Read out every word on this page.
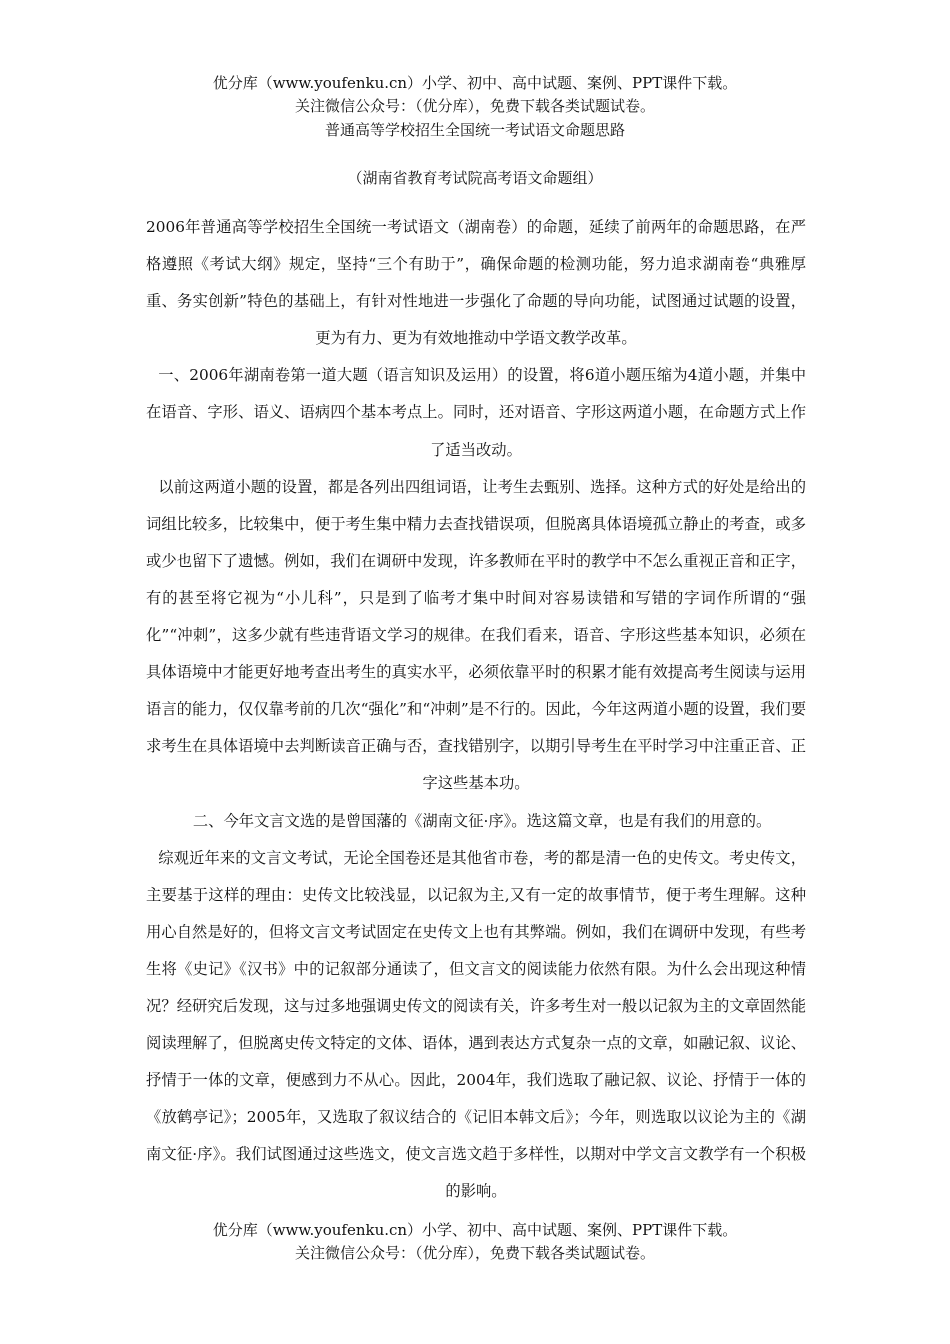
优分库（www.youfenku.cn）小学、初中、高中试题、案例、PPT课件下载。
关注微信公众号：（优分库），免费下载各类试题试卷。
普通高等学校招生全国统一考试语文命题思路
（湖南省教育考试院高考语文命题组）

2006年普通高等学校招生全国统一考试语文（湖南卷）的命题，延续了前两年的命题思路，在严格遵照《考试大纲》规定，坚持“三个有助于”，确保命题的检测功能，努力追求湖南卷“典雅厚重、务实创新”特色的基础上，有针对性地进一步强化了命题的导向功能，试图通过试题的设置，更为有力、更为有效地推动中学语文教学改革。

一、2006年湖南卷第一道大题（语言知识及运用）的设置，将6道小题压缩为4道小题，并集中在语音、字形、语义、语病四个基本考点上。同时，还对语音、字形这两道小题，在命题方式上作了适当改动。

以前这两道小题的设置，都是各列出四组词语，让考生去甄别、选择。这种方式的好处是给出的词组比较多，比较集中，便于考生集中精力去查找错误项，但脱离具体语境孤立静止的考查，或多或少也留下了遗憾。例如，我们在调研中发现，许多教师在平时的教学中不怎么重视正音和正字，有的甚至将它视为“小儿科”，只是到了临考才集中时间对容易读错和写错的字词作所谓的“强化”“冲刺”，这多少就有些违背语文学习的规律。在我们看来，语音、字形这些基本知识，必须在具体语境中才能更好地考查出考生的真实水平，必须依靠平时的积累才能有效提高考生阅读与运用语言的能力，仅仅靠考前的几次“强化”和“冲刺”是不行的。因此，今年这两道小题的设置，我们要求考生在具体语境中去判断读音正确与否，查找错别字，以期引导考生在平时学习中注重正音、正字这些基本功。

二、今年文言文选的是曾国藩的《湖南文征·序》。选这篇文章，也是有我们的用意的。

综观近年来的文言文考试，无论全国卷还是其他省市卷，考的都是清一色的史传文。考史传文，主要基于这样的理由：史传文比较浅显，以记叙为主,又有一定的故事情节，便于考生理解。这种用心自然是好的，但将文言文考试固定在史传文上也有其弊端。例如，我们在调研中发现，有些考生将《史记》《汉书》中的记叙部分通读了，但文言文的阅读能力依然有限。为什么会出现这种情况？经研究后发现，这与过多地强调史传文的阅读有关，许多考生对一般以记叙为主的文章固然能阅读理解了，但脱离史传文特定的文体、语体，遇到表达方式复杂一点的文章，如融记叙、议论、抒情于一体的文章，便感到力不从心。因此，2004年，我们选取了融记叙、议论、抒情于一体的《放鹤亭记》；2005年，又选取了叙议结合的《记旧本韩文后》；今年，则选取以议论为主的《湖南文征·序》。我们试图通过这些选文，使文言选文趋于多样性，以期对中学文言文教学有一个积极的影响。

优分库（www.youfenku.cn）小学、初中、高中试题、案例、PPT课件下载。
关注微信公众号：（优分库），免费下载各类试题试卷。
